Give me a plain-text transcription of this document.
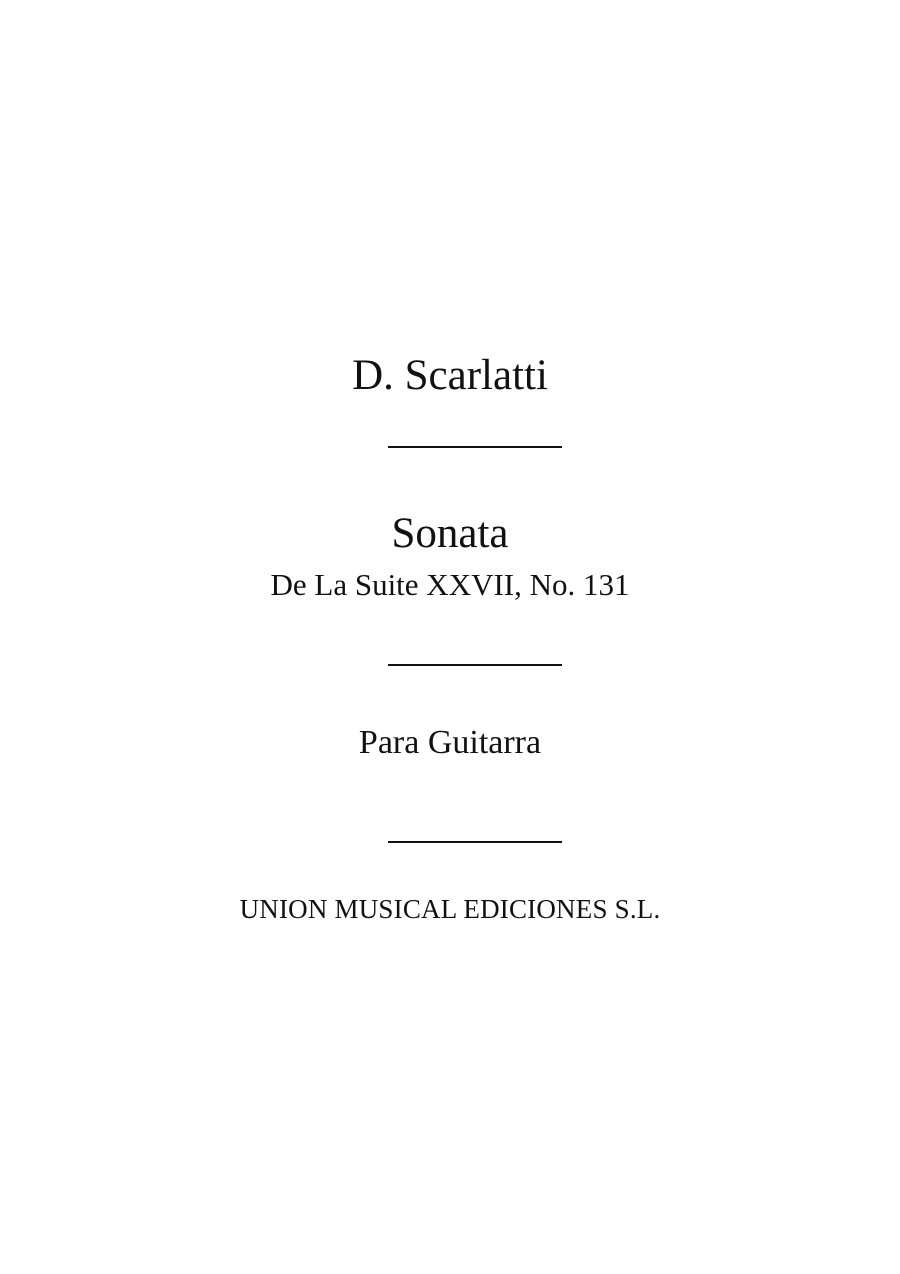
D. Scarlatti
Sonata
De La Suite XXVII, No. 131
Para Guitarra
UNION MUSICAL EDICIONES S.L.
